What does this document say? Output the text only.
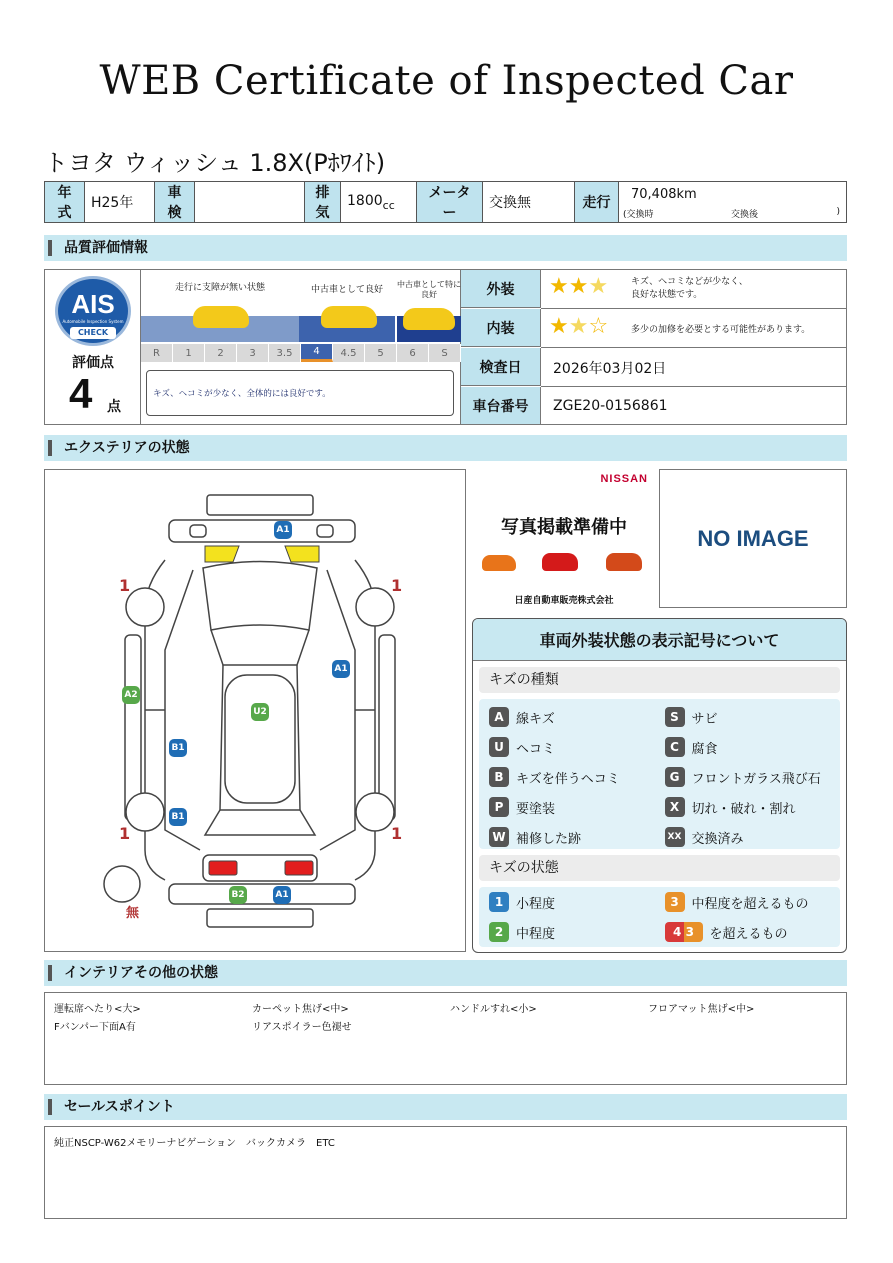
WEB Certificate of Inspected Car
トヨタ ウィッシュ 1.8X(Pﾎﾜｲﾄ)
年式	H25年	車検		排気	$1800_{cc}$	メーター	交換無	走行	
70,408km
(交換時	交換後	)
品質評価情報
AIS
Automobile Inspection System
CHECK
評価点
4 点
走行に支障が無い状態	中古車として良好
中古車として特に良好
R	1	2	3	3.5	4	4.5	5	6	S
キズ、ヘコミが少なく、全体的には良好です。
外装	★★★	キズ、ヘコミなどが少なく、
良好な状態です。
内装	★★☆	多少の加修を必要とする可能性があります。
検査日	2026年03月02日
車台番号	ZGE20-0156861
エクステリアの状態
A1
A1
A2
U2
B1
B1
B2	A1
1	1
1	1
無
NISSAN
写真掲載準備中
日産自動車販売株式会社
NO IMAGE
車両外装状態の表示記号について
キズの種類
A 線キズ	S サビ
U ヘコミ	C 腐食
B キズを伴うヘコミ	G フロントガラス飛び石
P 要塗装	X 切れ・破れ・割れ
W 補修した跡	XX 交換済み
キズの状態
1 小程度	3 中程度を超えるもの
2 中程度	4 3	を超えるもの
インテリアその他の状態
運転席へたり<大>	カーペット焦げ<中>	ハンドルすれ<小>	フロアマット焦げ<中>
Fバンパー下面A有	リアスポイラー色褪せ
セールスポイント
純正NSCP-W62メモリーナビゲーション　バックカメラ　ETC
